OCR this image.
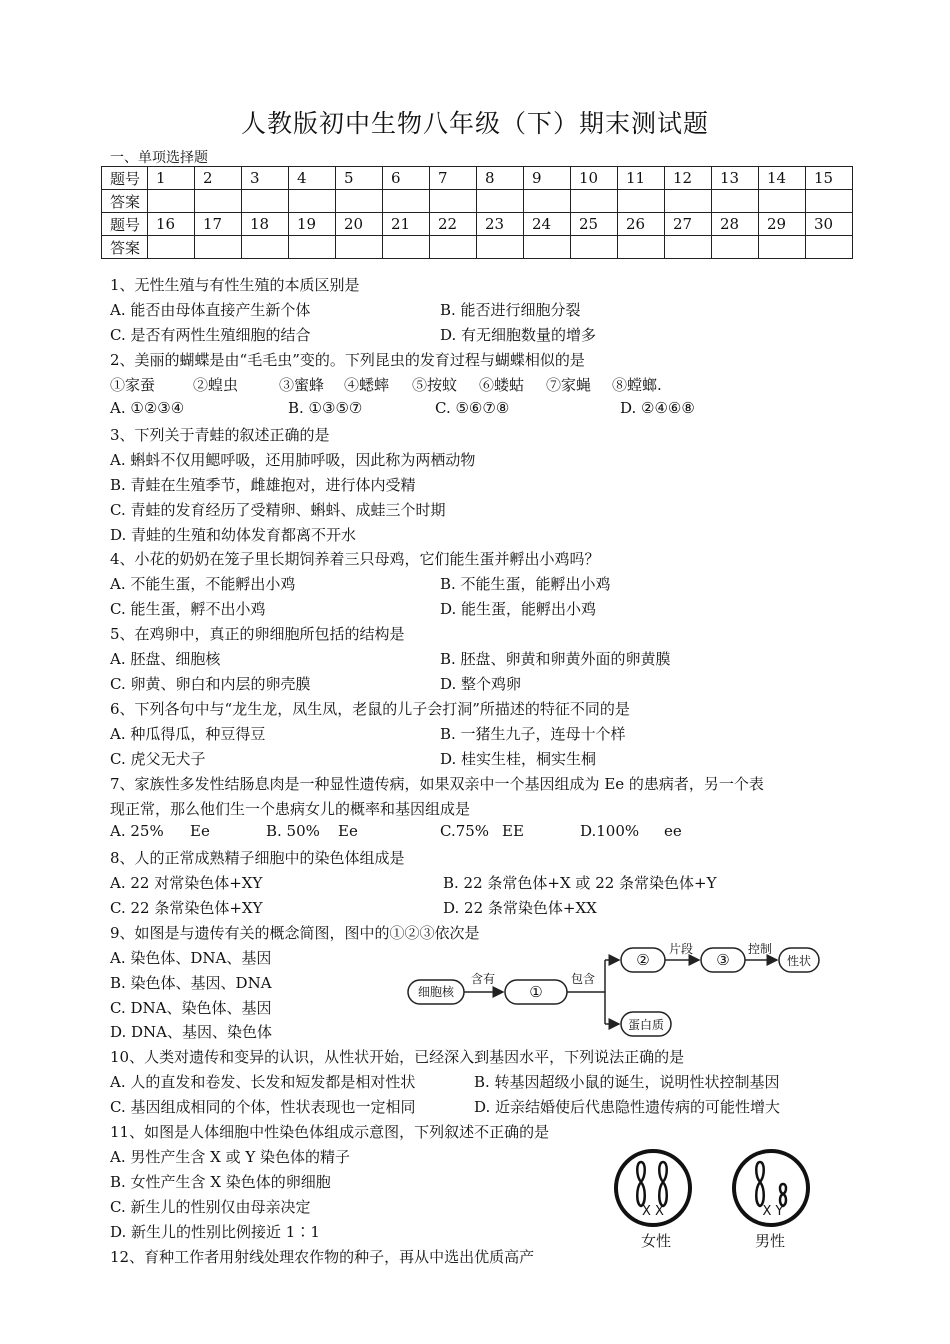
人教版初中生物八年级（下）期末测试题
一、单项选择题
题号	1	2	3	4	5	6	7	8	9	10	11	12	13	14	15
答案															
题号	16	17	18	19	20	21	22	23	24	25	26	27	28	29	30
答案															
1、无性生殖与有性生殖的本质区别是
A. 能否由母体直接产生新个体	B. 能否进行细胞分裂
C. 是否有两性生殖细胞的结合	D. 有无细胞数量的增多
2、美丽的蝴蝶是由“毛毛虫”变的。下列昆虫的发育过程与蝴蝶相似的是
①家蚕	②蝗虫	③蜜蜂 ④蟋蟀 ⑤按蚊 ⑥蝼蛄 ⑦家蝇 ⑧螳螂.
A. ①②③④	B. ①③⑤⑦	C. ⑤⑥⑦⑧	D. ②④⑥⑧
3、下列关于青蛙的叙述正确的是
A. 蝌蚪不仅用鳃呼吸，还用肺呼吸，因此称为两栖动物
B. 青蛙在生殖季节，雌雄抱对，进行体内受精
C. 青蛙的发育经历了受精卵、蝌蚪、成蛙三个时期
D. 青蛙的生殖和幼体发育都离不开水
4、小花的奶奶在笼子里长期饲养着三只母鸡，它们能生蛋并孵出小鸡吗？
A. 不能生蛋，不能孵出小鸡	B. 不能生蛋，能孵出小鸡
C. 能生蛋，孵不出小鸡	D. 能生蛋，能孵出小鸡
5、在鸡卵中，真正的卵细胞所包括的结构是
A. 胚盘、细胞核	B. 胚盘、卵黄和卵黄外面的卵黄膜
C. 卵黄、卵白和内层的卵壳膜	D. 整个鸡卵
6、下列各句中与“龙生龙，凤生凤，老鼠的儿子会打洞”所描述的特征不同的是
A. 种瓜得瓜，种豆得豆	B. 一猪生九子，连母十个样
C. 虎父无犬子	D. 桂实生桂，桐实生桐
7、家族性多发性结肠息肉是一种显性遗传病，如果双亲中一个基因组成为 Ee 的患病者，另一个表
现正常，那么他们生一个患病女儿的概率和基因组成是
A. 25% Ee	B. 50% Ee	C.75% EE	D.100% ee
8、人的正常成熟精子细胞中的染色体组成是
A. 22 对常染色体+XY	B. 22 条常色体+X 或 22 条常染色体+Y
C. 22 条常染色体+XY	D. 22 条常染色体+XX
9、如图是与遗传有关的概念简图，图中的①②③依次是
A. 染色体、DNA、基因
B. 染色体、基因、DNA
C. DNA、染色体、基因
D. DNA、基因、染色体
细胞核
含有
①
包含
②
片段
③
控制
性状
蛋白质
10、人类对遗传和变异的认识，从性状开始，已经深入到基因水平，下列说法正确的是
A. 人的直发和卷发、长发和短发都是相对性状	B. 转基因超级小鼠的诞生，说明性状控制基因
C. 基因组成相同的个体，性状表现也一定相同	D. 近亲结婚使后代患隐性遗传病的可能性增大
11、如图是人体细胞中性染色体组成示意图，下列叙述不正确的是
A. 男性产生含 X 或 Y 染色体的精子
B. 女性产生含 X 染色体的卵细胞
C. 新生儿的性别仅由母亲决定
D. 新生儿的性别比例接近 1∶1
X X	X Y
女性	男性
12、育种工作者用射线处理农作物的种子，再从中选出优质高产
